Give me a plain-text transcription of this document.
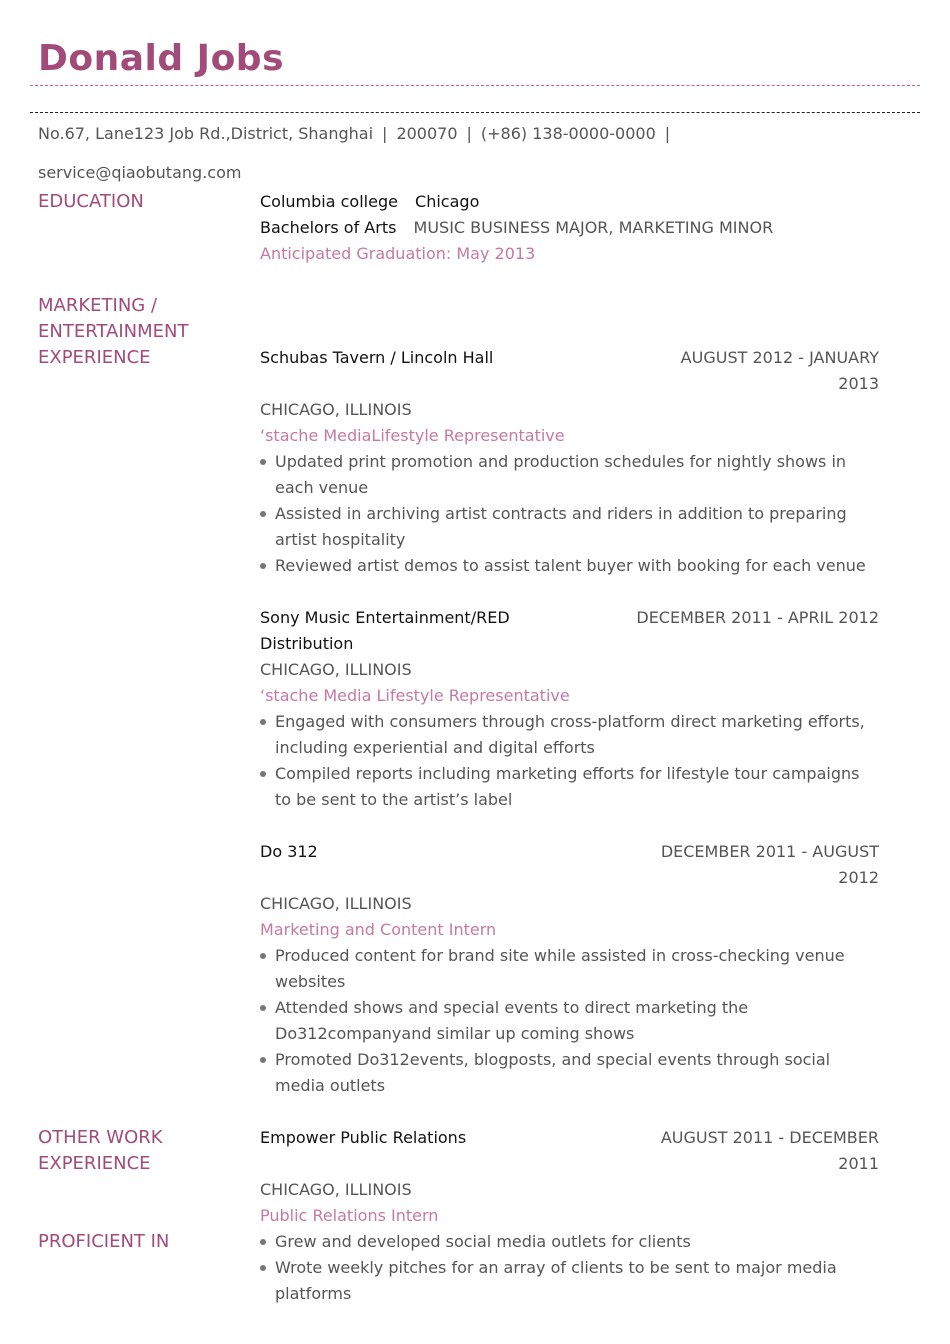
Donald Jobs
No.67, Lane123 Job Rd.,District, Shanghai | 200070 | (+86) 138-0000-0000 |
service@qiaobutang.com
EDUCATION	Columbia college Chicago
Bachelors of Arts MUSIC BUSINESS MAJOR, MARKETING MINOR
Anticipated Graduation: May 2013
MARKETING /
ENTERTAINMENT
EXPERIENCE	Schubas Tavern / Lincoln Hall	AUGUST 2012 - JANUARY
2013
CHICAGO, ILLINOIS
‘stache MediaLifestyle Representative
Updated print promotion and production schedules for nightly shows in
each venue
Assisted in archiving artist contracts and riders in addition to preparing
artist hospitality
Reviewed artist demos to assist talent buyer with booking for each venue
Sony Music Entertainment/RED
Distribution
DECEMBER 2011 - APRIL 2012
CHICAGO, ILLINOIS
‘stache Media Lifestyle Representative
Engaged with consumers through cross-platform direct marketing efforts,
including experiential and digital efforts
Compiled reports including marketing efforts for lifestyle tour campaigns
to be sent to the artist’s label
Do 312	DECEMBER 2011 - AUGUST
2012
CHICAGO, ILLINOIS
Marketing and Content Intern
Produced content for brand site while assisted in cross-checking venue
websites
Attended shows and special events to direct marketing the
Do312companyand similar up coming shows
Promoted Do312events, blogposts, and special events through social
media outlets
OTHER WORK
EXPERIENCE
Empower Public Relations	AUGUST 2011 - DECEMBER
2011
CHICAGO, ILLINOIS
Public Relations Intern
PROFICIENT IN	Grew and developed social media outlets for clients
Wrote weekly pitches for an array of clients to be sent to major media
platforms
